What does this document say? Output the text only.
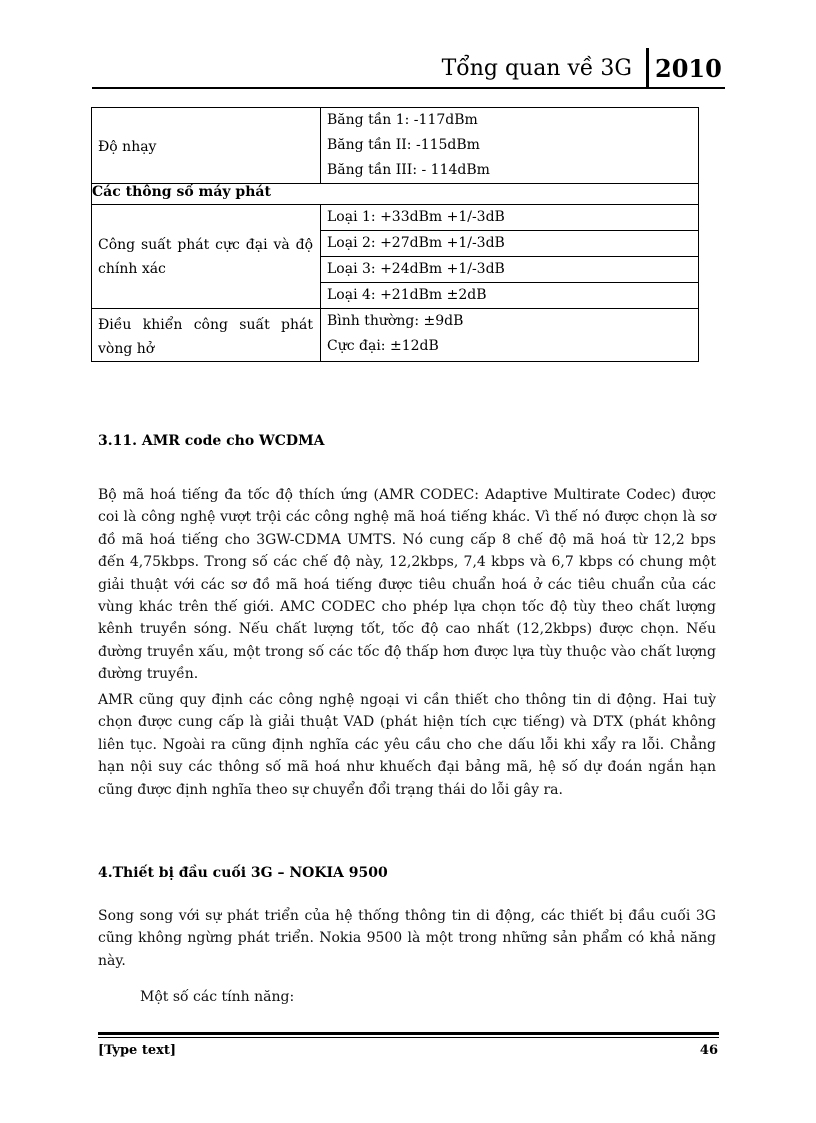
Tổng quan về 3G 2010
Độ nhạy	Băng tần 1: -117dBm
Băng tần II: -115dBm
Băng tần III: - 114dBm

Các thông số máy phát	

Công suất phát cực đại và độ chính xác	Loại 1: +33dBm +1/-3dB
Loại 2: +27dBm +1/-3dB
Loại 3: +24dBm +1/-3dB
Loại 4: +21dBm ±2dB

Điều khiển công suất phát vòng hở	Bình thường: ±9dB
Cực đại: ±12dB
3.11. AMR code cho WCDMA

Bộ mã hoá tiếng đa tốc độ thích ứng (AMR CODEC: Adaptive Multirate Codec) được coi là công nghệ vượt trội các công nghệ mã hoá tiếng khác. Vì thế nó được chọn là sơ đồ mã hoá tiếng cho 3GW-CDMA UMTS. Nó cung cấp 8 chế độ mã hoá từ 12,2 bps đến 4,75kbps. Trong số các chế độ này, 12,2kbps, 7,4 kbps và 6,7 kbps có chung một giải thuật với các sơ đồ mã hoá tiếng được tiêu chuẩn hoá ở các tiêu chuẩn của các vùng khác trên thế giới. AMC CODEC cho phép lựa chọn tốc độ tùy theo chất lượng kênh truyền sóng. Nếu chất lượng tốt, tốc độ cao nhất (12,2kbps) được chọn. Nếu đường truyền xấu, một trong số các tốc độ thấp hơn được lựa tùy thuộc vào chất lượng đường truyền.

AMR cũng quy định các công nghệ ngoại vi cần thiết cho thông tin di động. Hai tuỳ chọn được cung cấp là giải thuật VAD (phát hiện tích cực tiếng) và DTX (phát không liên tục. Ngoài ra cũng định nghĩa các yêu cầu cho che dấu lỗi khi xẩy ra lỗi. Chẳng hạn nội suy các thông số mã hoá như khuếch đại bảng mã, hệ số dự đoán ngắn hạn cũng được định nghĩa theo sự chuyển đổi trạng thái do lỗi gây ra.

4.Thiết bị đầu cuối 3G – NOKIA 9500

Song song với sự phát triển của hệ thống thông tin di động, các thiết bị đầu cuối 3G cũng không ngừng phát triển. Nokia 9500 là một trong những sản phẩm có khả năng này.

Một số các tính năng:

[Type text]	46
